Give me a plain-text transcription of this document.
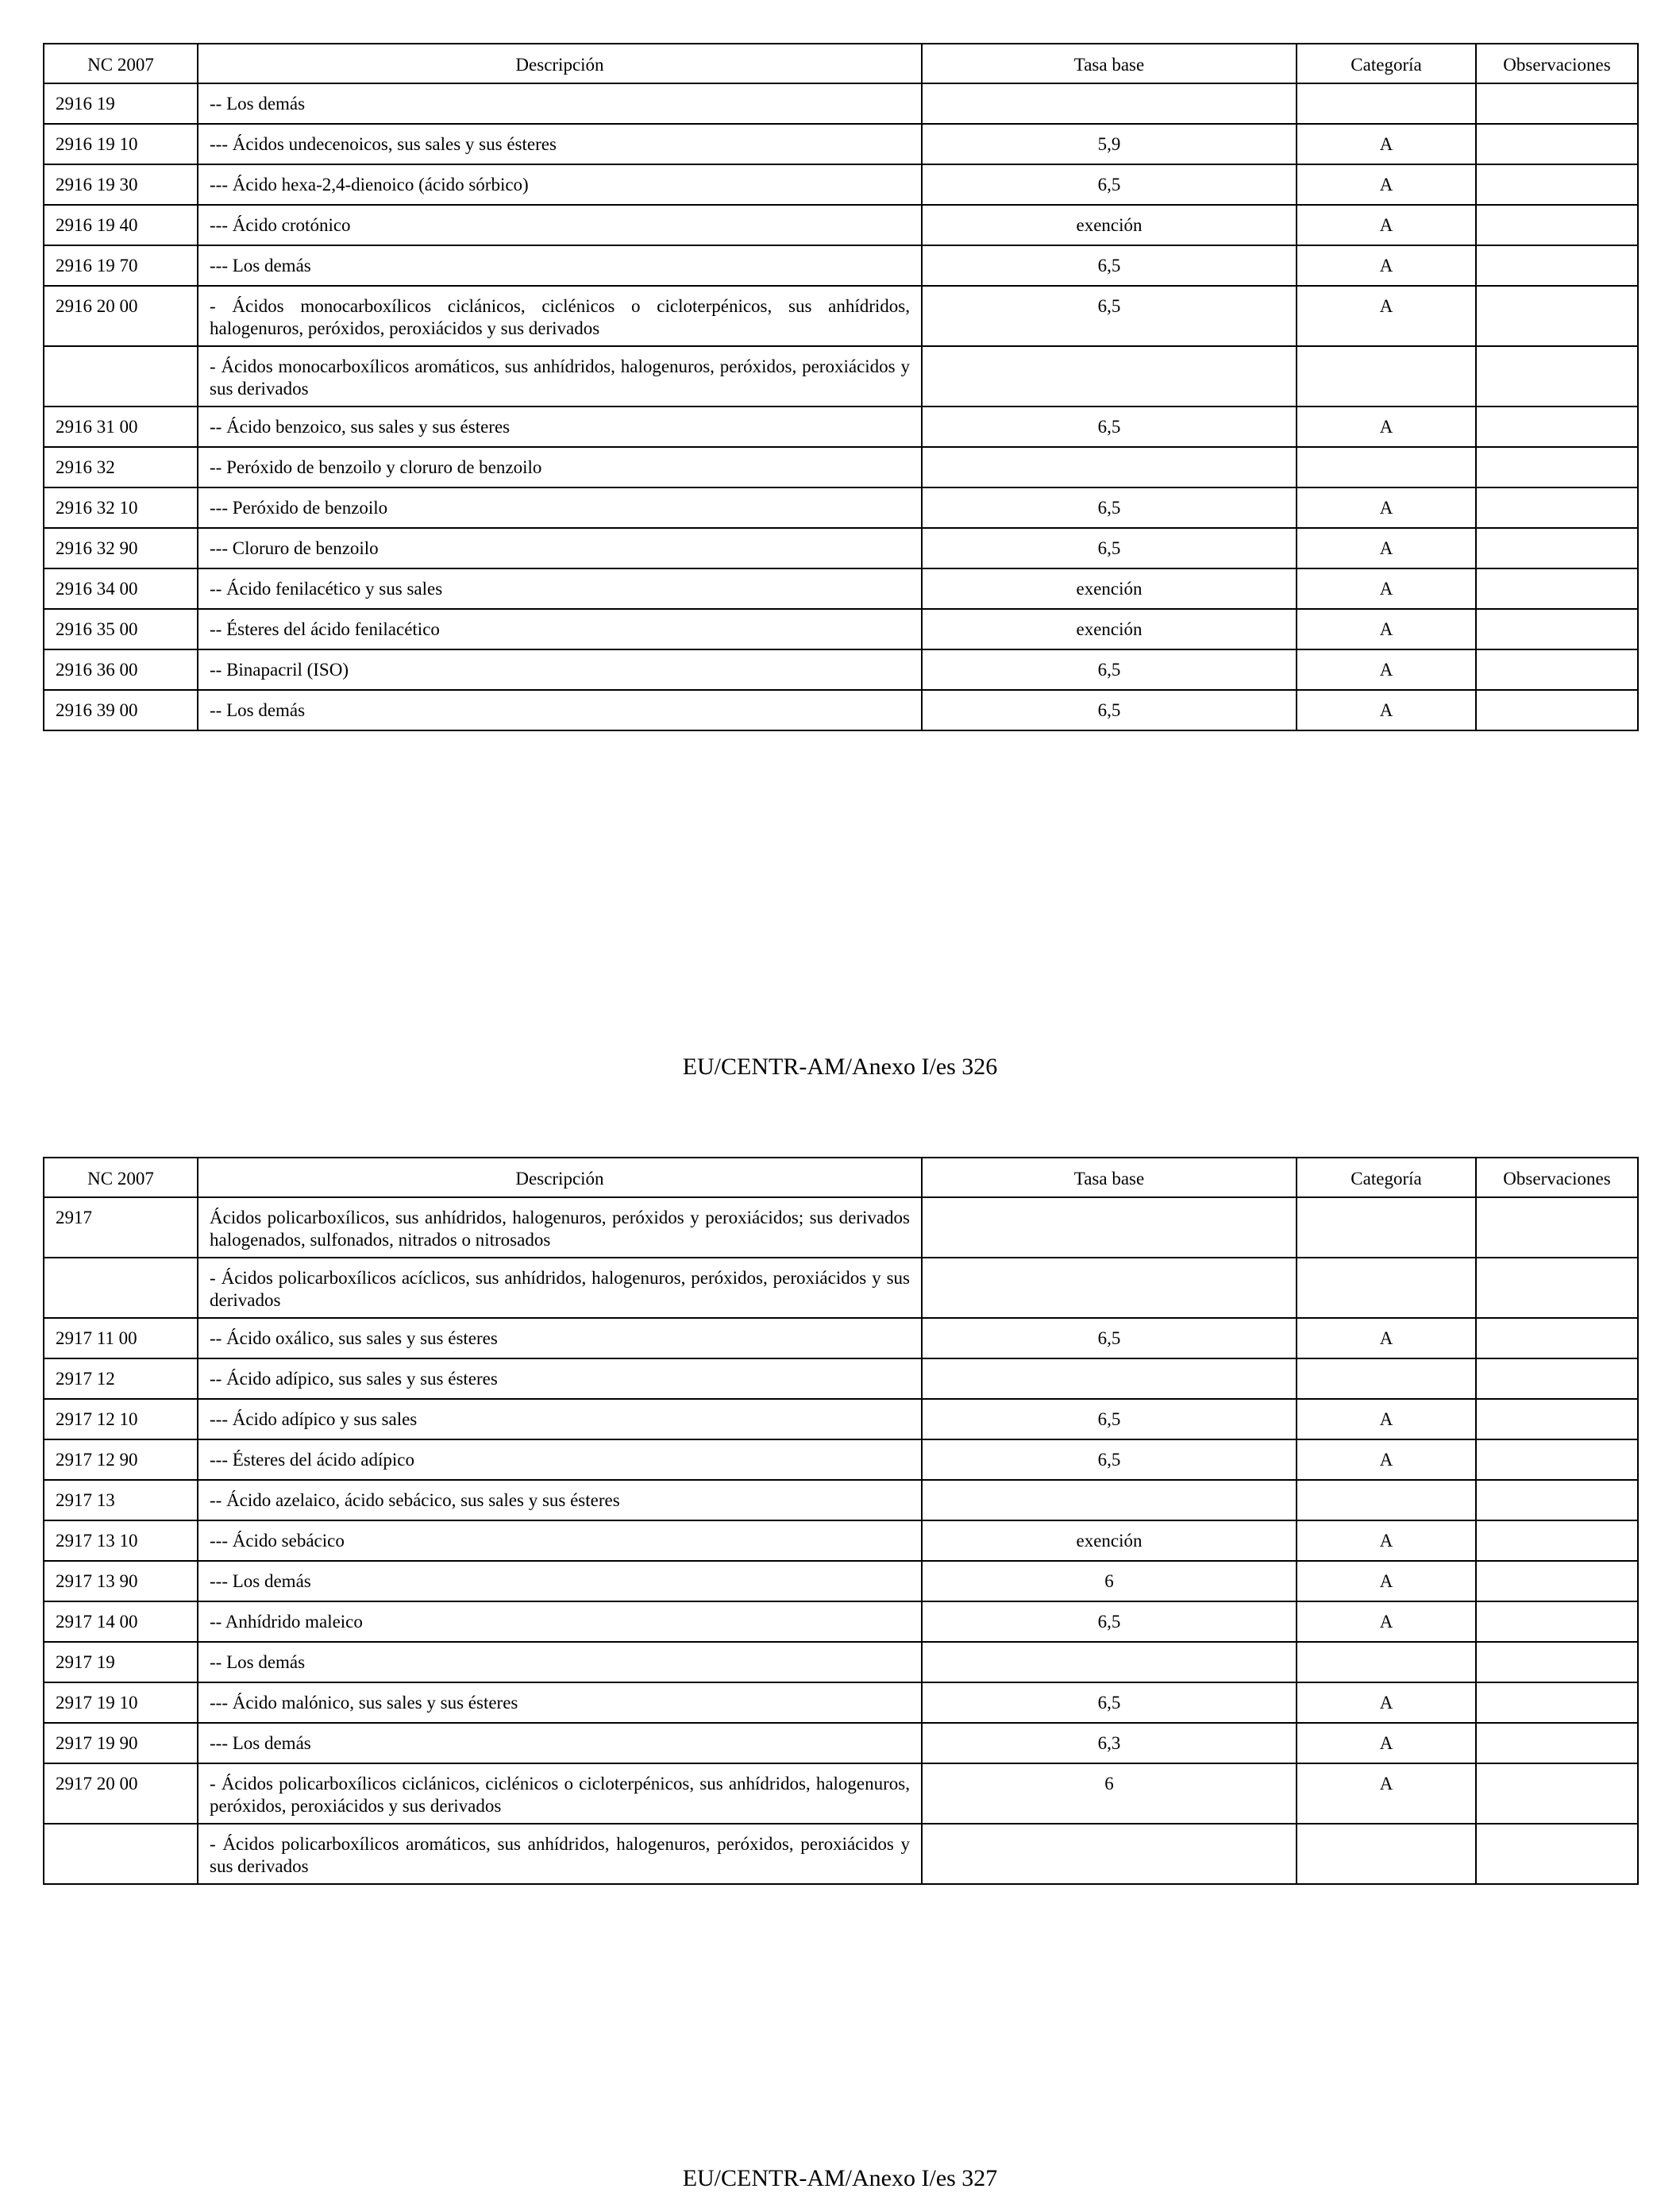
NC 2007	Descripción	Tasa base	Categoría	Observaciones
2916 19	-- Los demás			
2916 19 10	--- Ácidos undecenoicos, sus sales y sus ésteres	5,9	A	
2916 19 30	--- Ácido hexa-2,4-dienoico (ácido sórbico)	6,5	A	
2916 19 40	--- Ácido crotónico	exención	A	
2916 19 70	--- Los demás	6,5	A	
2916 20 00	- Ácidos monocarboxílicos ciclánicos, ciclénicos o cicloterpénicos, sus anhídridos, halogenuros, peróxidos, peroxiácidos y sus derivados	6,5	A	
	- Ácidos monocarboxílicos aromáticos, sus anhídridos, halogenuros, peróxidos, peroxiácidos y sus derivados			
2916 31 00	-- Ácido benzoico, sus sales y sus ésteres	6,5	A	
2916 32	-- Peróxido de benzoilo y cloruro de benzoilo			
2916 32 10	--- Peróxido de benzoilo	6,5	A	
2916 32 90	--- Cloruro de benzoilo	6,5	A	
2916 34 00	-- Ácido fenilacético y sus sales	exención	A	
2916 35 00	-- Ésteres del ácido fenilacético	exención	A	
2916 36 00	-- Binapacril (ISO)	6,5	A	
2916 39 00	-- Los demás	6,5	A	
EU/CENTR-AM/Anexo I/es 326
NC 2007	Descripción	Tasa base	Categoría	Observaciones
2917	Ácidos policarboxílicos, sus anhídridos, halogenuros, peróxidos y peroxiácidos; sus derivados halogenados, sulfonados, nitrados o nitrosados			
	- Ácidos policarboxílicos acíclicos, sus anhídridos, halogenuros, peróxidos, peroxiácidos y sus derivados			
2917 11 00	-- Ácido oxálico, sus sales y sus ésteres	6,5	A	
2917 12	-- Ácido adípico, sus sales y sus ésteres			
2917 12 10	--- Ácido adípico y sus sales	6,5	A	
2917 12 90	--- Ésteres del ácido adípico	6,5	A	
2917 13	-- Ácido azelaico, ácido sebácico, sus sales y sus ésteres			
2917 13 10	--- Ácido sebácico	exención	A	
2917 13 90	--- Los demás	6	A	
2917 14 00	-- Anhídrido maleico	6,5	A	
2917 19	-- Los demás			
2917 19 10	--- Ácido malónico, sus sales y sus ésteres	6,5	A	
2917 19 90	--- Los demás	6,3	A	
2917 20 00	- Ácidos policarboxílicos ciclánicos, ciclénicos o cicloterpénicos, sus anhídridos, halogenuros, peróxidos, peroxiácidos y sus derivados	6	A	
	- Ácidos policarboxílicos aromáticos, sus anhídridos, halogenuros, peróxidos, peroxiácidos y sus derivados			
EU/CENTR-AM/Anexo I/es 327
